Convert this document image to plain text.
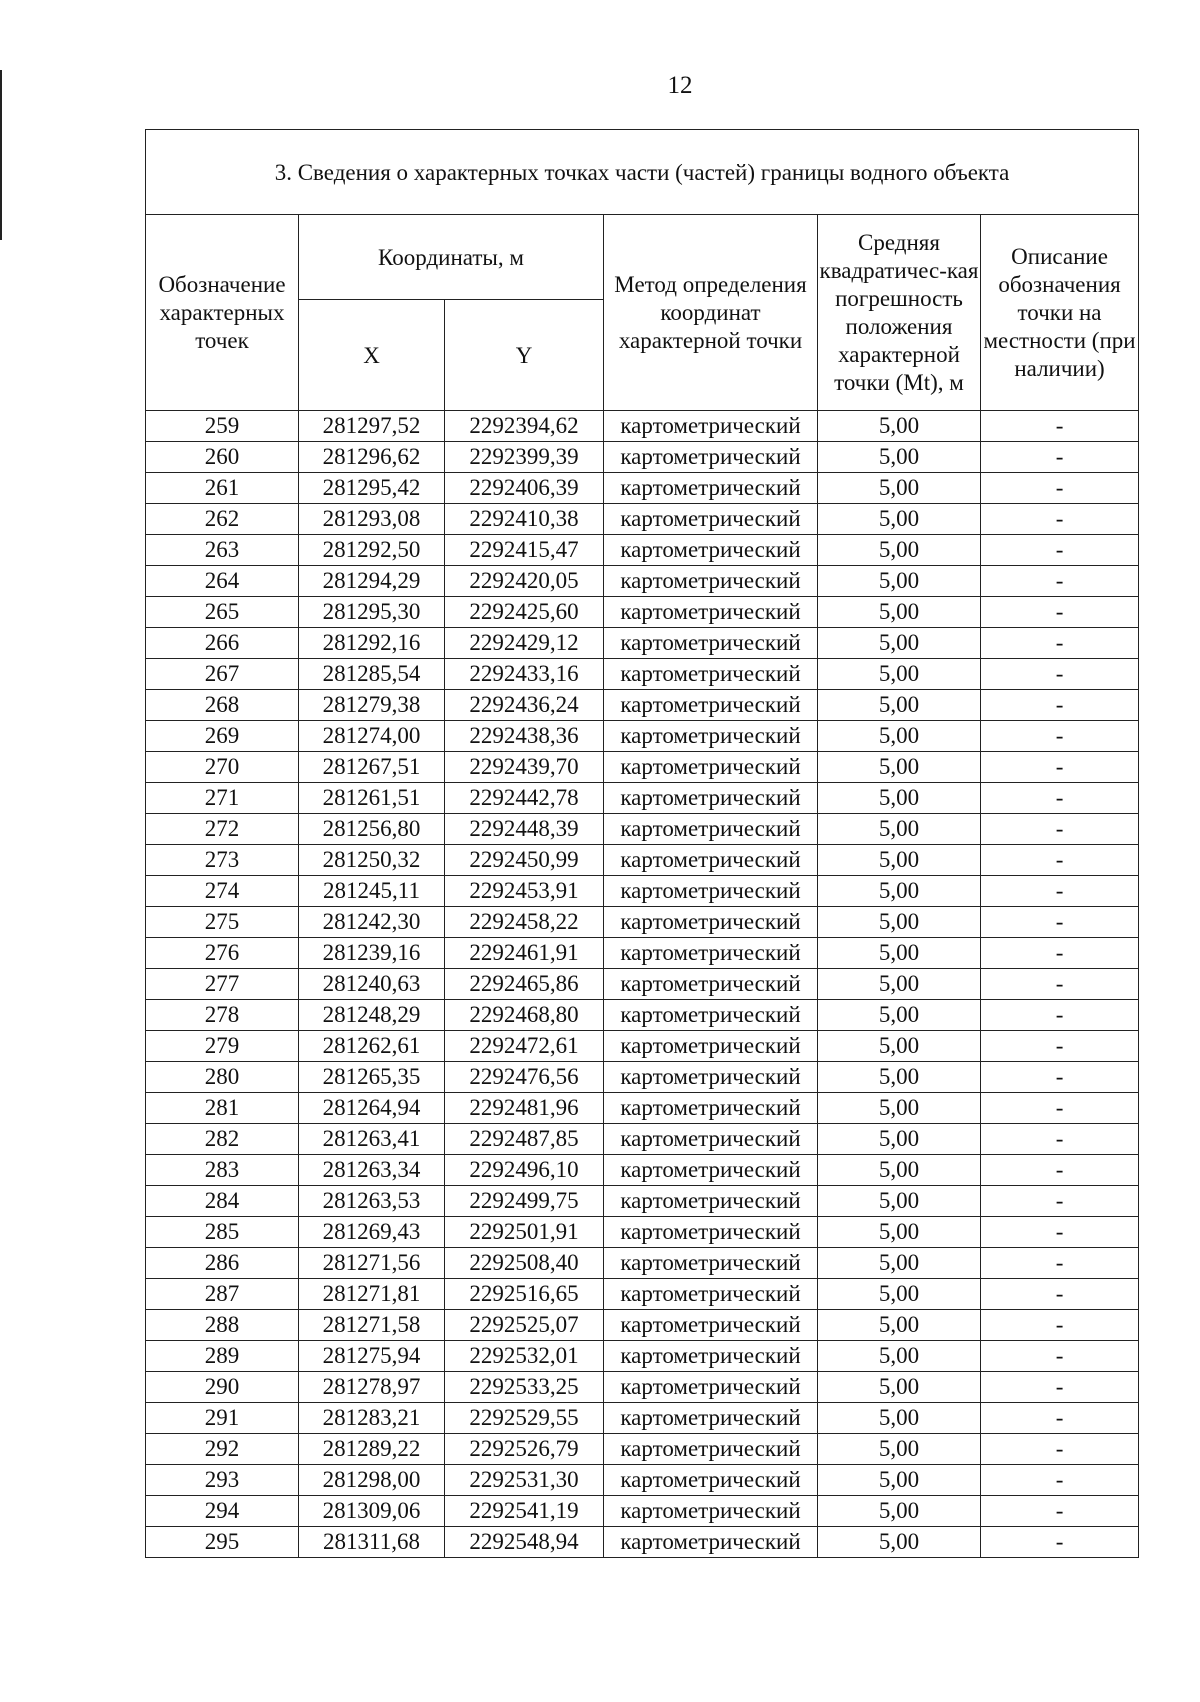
12
3. Сведения о характерных точках части (частей) границы водного объекта					
Обозначение характерных точек	Координаты, м		Метод определения координат характерной точки	Средняя квадратичес-кая погрешность положения характерной точки (Mt), м	Описание обозначения точки на местности (при наличии)
	X	Y			
259	281297,52	2292394,62	картометрический	5,00	-
260	281296,62	2292399,39	картометрический	5,00	-
261	281295,42	2292406,39	картометрический	5,00	-
262	281293,08	2292410,38	картометрический	5,00	-
263	281292,50	2292415,47	картометрический	5,00	-
264	281294,29	2292420,05	картометрический	5,00	-
265	281295,30	2292425,60	картометрический	5,00	-
266	281292,16	2292429,12	картометрический	5,00	-
267	281285,54	2292433,16	картометрический	5,00	-
268	281279,38	2292436,24	картометрический	5,00	-
269	281274,00	2292438,36	картометрический	5,00	-
270	281267,51	2292439,70	картометрический	5,00	-
271	281261,51	2292442,78	картометрический	5,00	-
272	281256,80	2292448,39	картометрический	5,00	-
273	281250,32	2292450,99	картометрический	5,00	-
274	281245,11	2292453,91	картометрический	5,00	-
275	281242,30	2292458,22	картометрический	5,00	-
276	281239,16	2292461,91	картометрический	5,00	-
277	281240,63	2292465,86	картометрический	5,00	-
278	281248,29	2292468,80	картометрический	5,00	-
279	281262,61	2292472,61	картометрический	5,00	-
280	281265,35	2292476,56	картометрический	5,00	-
281	281264,94	2292481,96	картометрический	5,00	-
282	281263,41	2292487,85	картометрический	5,00	-
283	281263,34	2292496,10	картометрический	5,00	-
284	281263,53	2292499,75	картометрический	5,00	-
285	281269,43	2292501,91	картометрический	5,00	-
286	281271,56	2292508,40	картометрический	5,00	-
287	281271,81	2292516,65	картометрический	5,00	-
288	281271,58	2292525,07	картометрический	5,00	-
289	281275,94	2292532,01	картометрический	5,00	-
290	281278,97	2292533,25	картометрический	5,00	-
291	281283,21	2292529,55	картометрический	5,00	-
292	281289,22	2292526,79	картометрический	5,00	-
293	281298,00	2292531,30	картометрический	5,00	-
294	281309,06	2292541,19	картометрический	5,00	-
295	281311,68	2292548,94	картометрический	5,00	-
